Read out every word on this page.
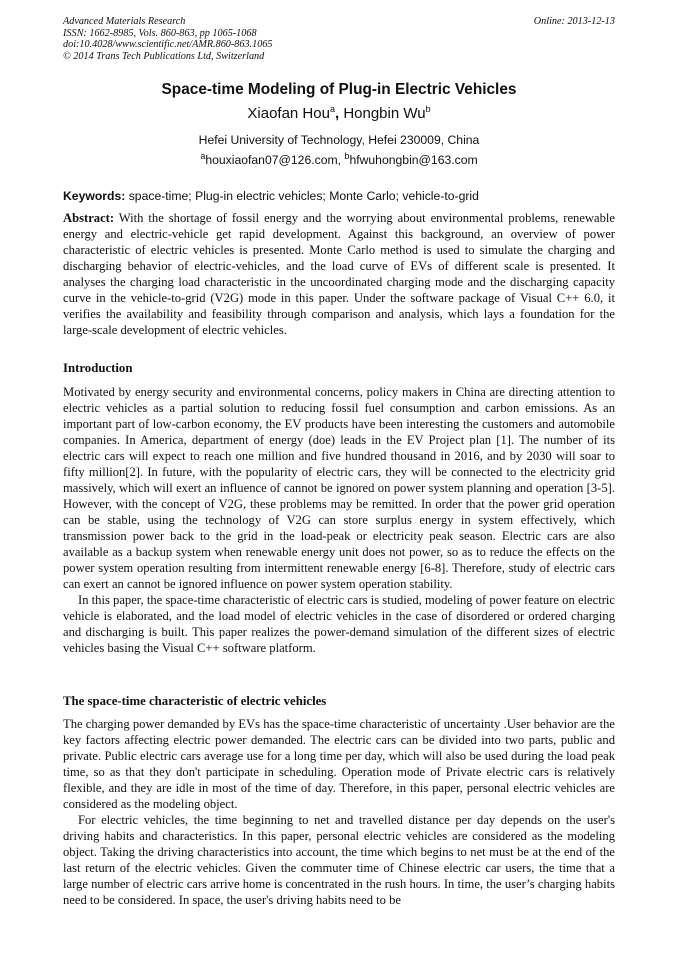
Advanced Materials Research
ISSN: 1662-8985, Vols. 860-863, pp 1065-1068
doi:10.4028/www.scientific.net/AMR.860-863.1065
© 2014 Trans Tech Publications Ltd, Switzerland
Online: 2013-12-13
Space-time Modeling of Plug-in Electric Vehicles
Xiaofan Hou$^a$, Hongbin Wu$^b$
Hefei University of Technology, Hefei 230009, China
$^a$houxiaofan07@126.com, $^b$hfwuhongbin@163.com
Keywords: space-time; Plug-in electric vehicles; Monte Carlo; vehicle-to-grid
Abstract: With the shortage of fossil energy and the worrying about environmental problems, renewable energy and electric-vehicle get rapid development. Against this background, an overview of power characteristic of electric vehicles is presented. Monte Carlo method is used to simulate the charging and discharging behavior of electric-vehicles, and the load curve of EVs of different scale is presented. It analyses the charging load characteristic in the uncoordinated charging mode and the discharging capacity curve in the vehicle-to-grid (V2G) mode in this paper. Under the software package of Visual C++ 6.0, it verifies the availability and feasibility through comparison and analysis, which lays a foundation for the large-scale development of electric vehicles.
Introduction

Motivated by energy security and environmental concerns, policy makers in China are directing attention to electric vehicles as a partial solution to reducing fossil fuel consumption and carbon emissions. As an important part of low-carbon economy, the EV products have been interesting the customers and automobile companies. In America, department of energy (doe) leads in the EV Project plan [1]. The number of its electric cars will expect to reach one million and five hundred thousand in 2016, and by 2030 will soar to fifty million[2]. In future, with the popularity of electric cars, they will be connected to the electricity grid massively, which will exert an influence of cannot be ignored on power system planning and operation [3-5]. However, with the concept of V2G, these problems may be remitted. In order that the power grid operation can be stable, using the technology of V2G can store surplus energy in system effectively, which transmission power back to the grid in the load-peak or electricity peak season. Electric cars are also available as a backup system when renewable energy unit does not power, so as to reduce the effects on the power system operation resulting from intermittent renewable energy [6-8]. Therefore, study of electric cars can exert an cannot be ignored influence on power system operation stability.

In this paper, the space-time characteristic of electric cars is studied, modeling of power feature on electric vehicle is elaborated, and the load model of electric vehicles in the case of disordered or ordered charging and discharging is built. This paper realizes the power-demand simulation of the different sizes of electric vehicles basing the Visual C++ software platform.

The space-time characteristic of electric vehicles

The charging power demanded by EVs has the space-time characteristic of uncertainty .User behavior are the key factors affecting electric power demanded. The electric cars can be divided into two parts, public and private. Public electric cars average use for a long time per day, which will also be used during the load peak time, so as that they don't participate in scheduling. Operation mode of Private electric cars is relatively flexible, and they are idle in most of the time of day. Therefore, in this paper, personal electric vehicles are considered as the modeling object.

For electric vehicles, the time beginning to net and travelled distance per day depends on the user's driving habits and characteristics. In this paper, personal electric vehicles are considered as the modeling object. Taking the driving characteristics into account, the time which begins to net must be at the end of the last return of the electric vehicles. Given the commuter time of Chinese electric car users, the time that a large number of electric cars arrive home is concentrated in the rush hours. In time, the user’s charging habits need to be considered. In space, the user's driving habits need to be
